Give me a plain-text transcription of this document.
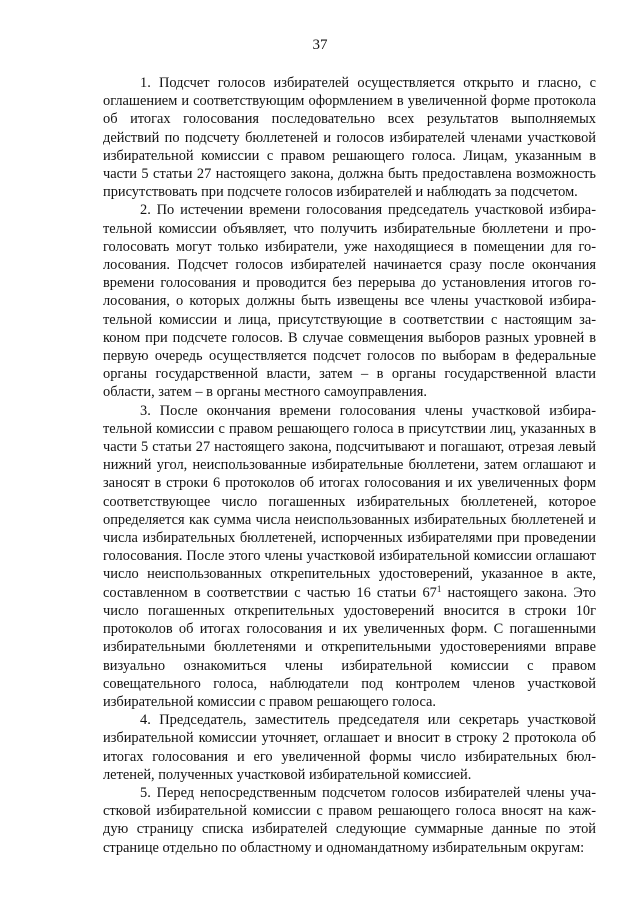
37

1. Подсчет голосов избирателей осуществляется открыто и гласно, с оглашением и соответствующим оформлением в увеличенной форме протокола об итогах голосования последовательно всех результатов выполняемых действий по подсчету бюллетеней и голосов избирателей членами участковой избирательной комиссии с правом решающего голоса. Лицам, указанным в части 5 статьи 27 настоящего закона, должна быть предоставлена возможность присутствовать при подсчете голосов избирателей и наблюдать за подсчетом.

2. По истечении времени голосования председатель участковой избирательной комиссии объявляет, что получить избирательные бюллетени и проголосовать могут только избиратели, уже находящиеся в помещении для голосования. Подсчет голосов избирателей начинается сразу после окончания времени голосования и проводится без перерыва до установления итогов голосования, о которых должны быть извещены все члены участковой избирательной комиссии и лица, присутствующие в соответствии с настоящим законом при подсчете голосов. В случае совмещения выборов разных уровней в первую очередь осуществляется подсчет голосов по выборам в федеральные органы государственной власти, затем – в органы государственной власти области, затем – в органы местного самоуправления.

3. После окончания времени голосования члены участковой избирательной комиссии с правом решающего голоса в присутствии лиц, указанных в части 5 статьи 27 настоящего закона, подсчитывают и погашают, отрезая левый нижний угол, неиспользованные избирательные бюллетени, затем оглашают и заносят в строки 6 протоколов об итогах голосования и их увеличенных форм соответствующее число погашенных избирательных бюллетеней, которое определяется как сумма числа неиспользованных избирательных бюллетеней и числа избирательных бюллетеней, испорченных избирателями при проведении голосования. После этого члены участковой избирательной комиссии оглашают число неиспользованных открепительных удостоверений, указанное в акте, составленном в соответствии с частью 16 статьи $67^1$ настоящего закона. Это число погашенных открепительных удостоверений вносится в строки 10г протоколов об итогах голосования и их увеличенных форм. С погашенными избирательными бюллетенями и открепительными удостоверениями вправе визуально ознакомиться члены избирательной комиссии с правом совещательного голоса, наблюдатели под контролем членов участковой избирательной комиссии с правом решающего голоса.

4. Председатель, заместитель председателя или секретарь участковой избирательной комиссии уточняет, оглашает и вносит в строку 2 протокола об итогах голосования и его увеличенной формы число избирательных бюллетеней, полученных участковой избирательной комиссией.

5. Перед непосредственным подсчетом голосов избирателей члены участковой избирательной комиссии с правом решающего голоса вносят на каждую страницу списка избирателей следующие суммарные данные по этой странице отдельно по областному и одномандатному избирательным округам:
